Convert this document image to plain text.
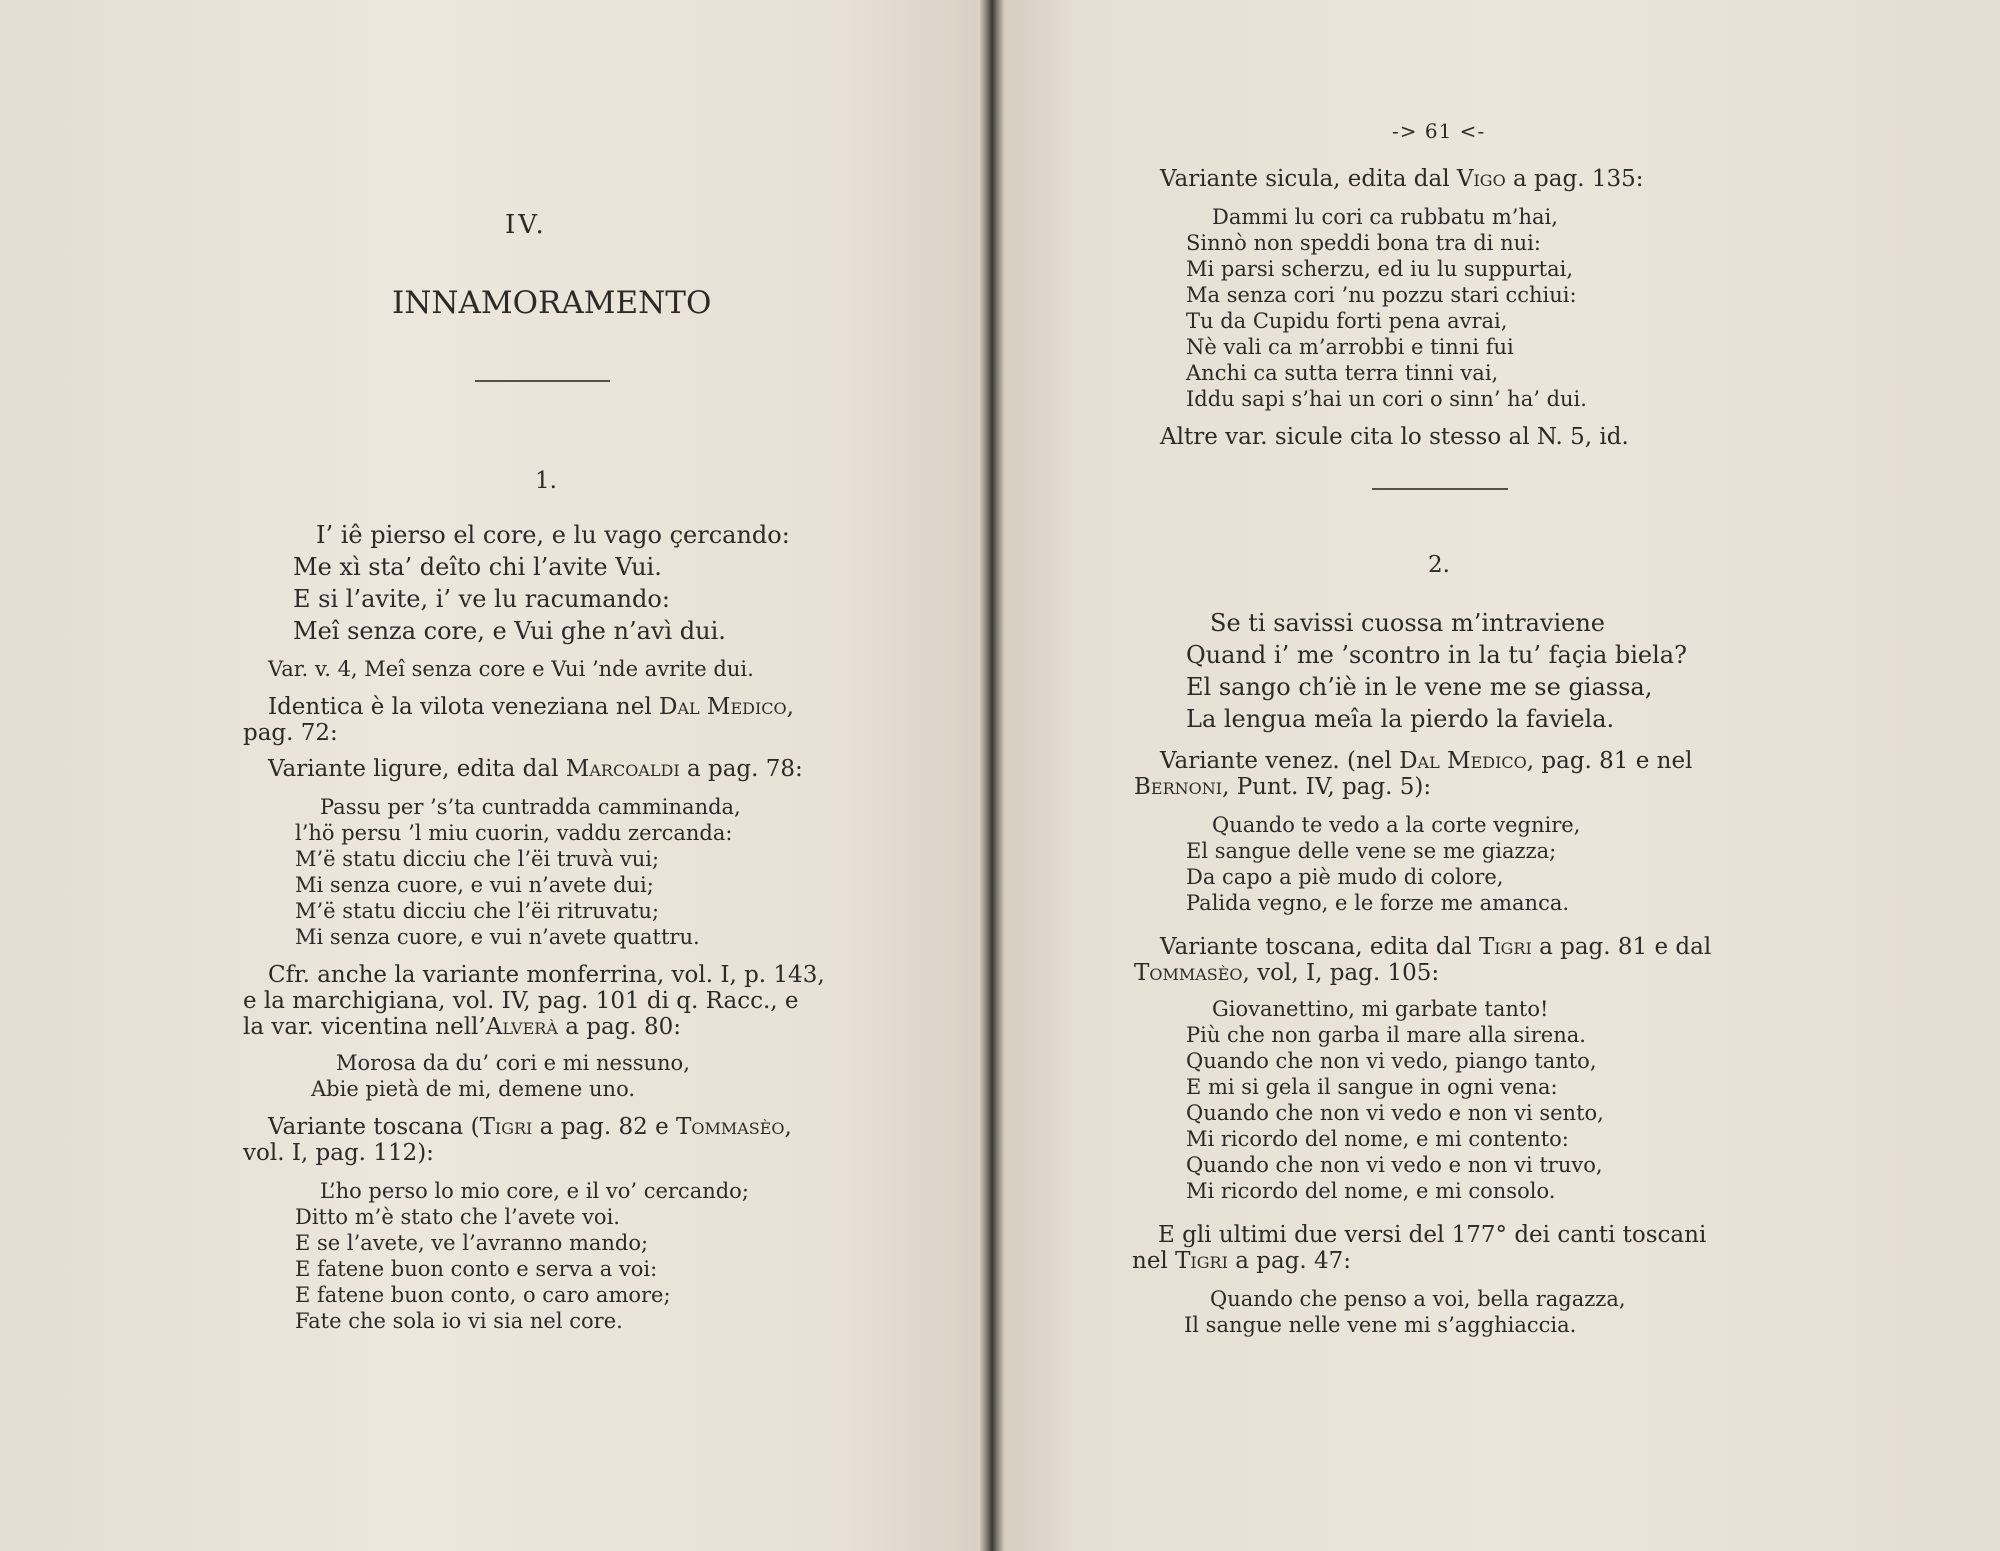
IV.
INNAMORAMENTO
1.
I’ iê pierso el core, e lu vago çercando:
Me xì sta’ deîto chi l’avite Vui.
E si l’avite, i’ ve lu racumando:
Meî senza core, e Vui ghe n’avì dui.
Var. v. 4, Meî senza core e Vui ’nde avrite dui.
Identica è la vilota veneziana nel Dal Medico,
pag. 72:
Variante ligure, edita dal Marcoaldi a pag. 78:
Passu per ’s’ta cuntradda camminanda,
l’hö persu ’l miu cuorin, vaddu zercanda:
M’ë statu dicciu che l’ëi truvà vui;
Mi senza cuore, e vui n’avete dui;
M’ë statu dicciu che l’ëi ritruvatu;
Mi senza cuore, e vui n’avete quattru.
Cfr. anche la variante monferrina, vol. I, p. 143,
e la marchigiana, vol. IV, pag. 101 di q. Racc., e
la var. vicentina nell’Alverà a pag. 80:
Morosa da du’ cori e mi nessuno,
Abie pietà de mi, demene uno.
Variante toscana (Tigri a pag. 82 e Tommasèo,
vol. I, pag. 112):
L’ho perso lo mio core, e il vo’ cercando;
Ditto m’è stato che l’avete voi.
E se l’avete, ve l’avranno mando;
E fatene buon conto e serva a voi:
E fatene buon conto, o caro amore;
Fate che sola io vi sia nel core.
-> 61 <-
Variante sicula, edita dal Vigo a pag. 135:
Dammi lu cori ca rubbatu m’hai,
Sinnò non speddi bona tra di nui:
Mi parsi scherzu, ed iu lu suppurtai,
Ma senza cori ’nu pozzu stari cchiui:
Tu da Cupidu forti pena avrai,
Nè vali ca m’arrobbi e tinni fui
Anchi ca sutta terra tinni vai,
Iddu sapi s’hai un cori o sinn’ ha’ dui.
Altre var. sicule cita lo stesso al N. 5, id.
2.
Se ti savissi cuossa m’intraviene
Quand i’ me ’scontro in la tu’ façia biela?
El sango ch’iè in le vene me se giassa,
La lengua meîa la pierdo la faviela.
Variante venez. (nel Dal Medico, pag. 81 e nel
Bernoni, Punt. IV, pag. 5):
Quando te vedo a la corte vegnire,
El sangue delle vene se me giazza;
Da capo a piè mudo di colore,
Palida vegno, e le forze me amanca.
Variante toscana, edita dal Tigri a pag. 81 e dal
Tommasèo, vol, I, pag. 105:
Giovanettino, mi garbate tanto!
Più che non garba il mare alla sirena.
Quando che non vi vedo, piango tanto,
E mi si gela il sangue in ogni vena:
Quando che non vi vedo e non vi sento,
Mi ricordo del nome, e mi contento:
Quando che non vi vedo e non vi truvo,
Mi ricordo del nome, e mi consolo.
E gli ultimi due versi del 177° dei canti toscani
nel Tigri a pag. 47:
Quando che penso a voi, bella ragazza,
Il sangue nelle vene mi s’agghiaccia.
